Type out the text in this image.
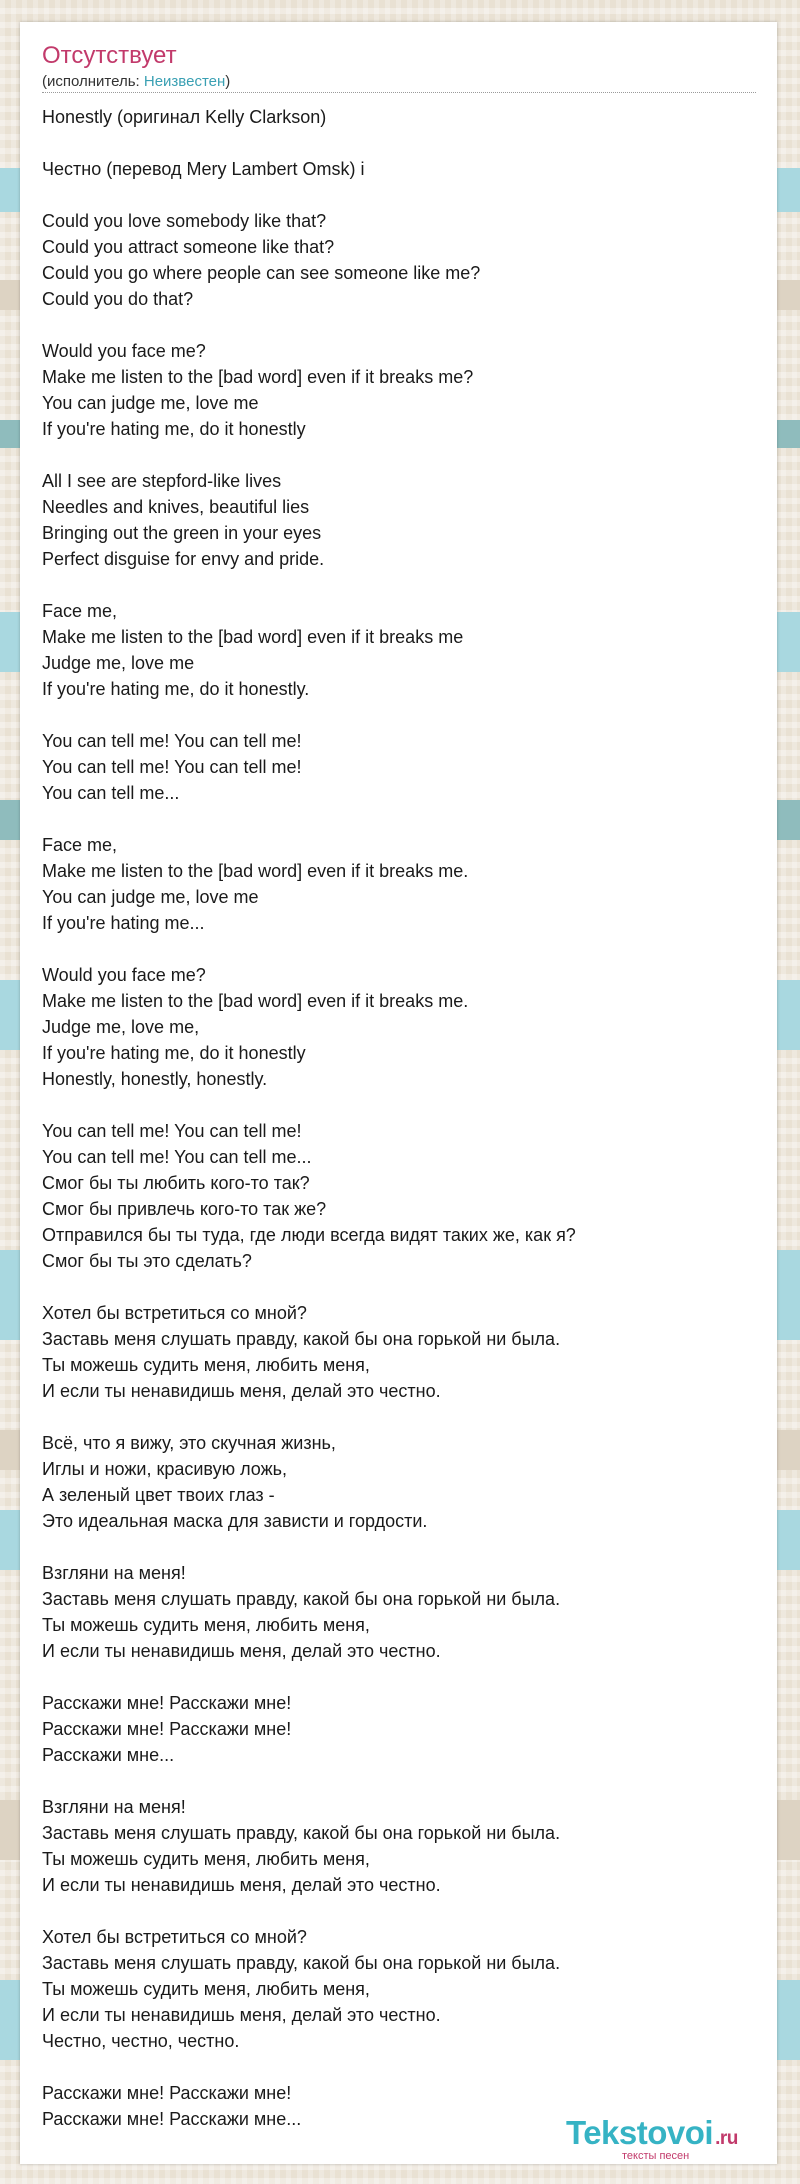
Отсутствует
(исполнитель: Неизвестен)
Honestly (оригинал Kelly Clarkson)

Честно (перевод Mery Lambert Omsk) i

Could you love somebody like that?
Could you attract someone like that?
Could you go where people can see someone like me?
Could you do that?

Would you face me?
Make me listen to the [bad word] even if it breaks me?
You can judge me, love me
If you're hating me, do it honestly

All I see are stepford-like lives
Needles and knives, beautiful lies
Bringing out the green in your eyes
Perfect disguise for envy and pride.

Face me,
Make me listen to the [bad word] even if it breaks me
Judge me, love me
If you're hating me, do it honestly.

You can tell me! You can tell me!
You can tell me! You can tell me!
You can tell me...

Face me,
Make me listen to the [bad word] even if it breaks me.
You can judge me, love me
If you're hating me...

Would you face me?
Make me listen to the [bad word] even if it breaks me.
Judge me, love me,
If you're hating me, do it honestly
Honestly, honestly, honestly.

You can tell me! You can tell me!
You can tell me! You can tell me...
Смог бы ты любить кого-то так?
Смог бы привлечь кого-то так же?
Отправился бы ты туда, где люди всегда видят таких же, как я?
Смог бы ты это сделать?

Хотел бы встретиться со мной?
Заставь меня слушать правду, какой бы она горькой ни была.
Ты можешь судить меня, любить меня,
И если ты ненавидишь меня, делай это честно.

Всё, что я вижу, это скучная жизнь,
Иглы и ножи, красивую ложь,
А зеленый цвет твоих глаз -
Это идеальная маска для зависти и гордости.

Взгляни на меня!
Заставь меня слушать правду, какой бы она горькой ни была.
Ты можешь судить меня, любить меня,
И если ты ненавидишь меня, делай это честно.

Расскажи мне! Расскажи мне!
Расскажи мне! Расскажи мне!
Расскажи мне...

Взгляни на меня!
Заставь меня слушать правду, какой бы она горькой ни была.
Ты можешь судить меня, любить меня,
И если ты ненавидишь меня, делай это честно.

Хотел бы встретиться со мной?
Заставь меня слушать правду, какой бы она горькой ни была.
Ты можешь судить меня, любить меня,
И если ты ненавидишь меня, делай это честно.
Честно, честно, честно.

Расскажи мне! Расскажи мне!
Расскажи мне! Расскажи мне...	Tekstovoi .ru
тексты песен
